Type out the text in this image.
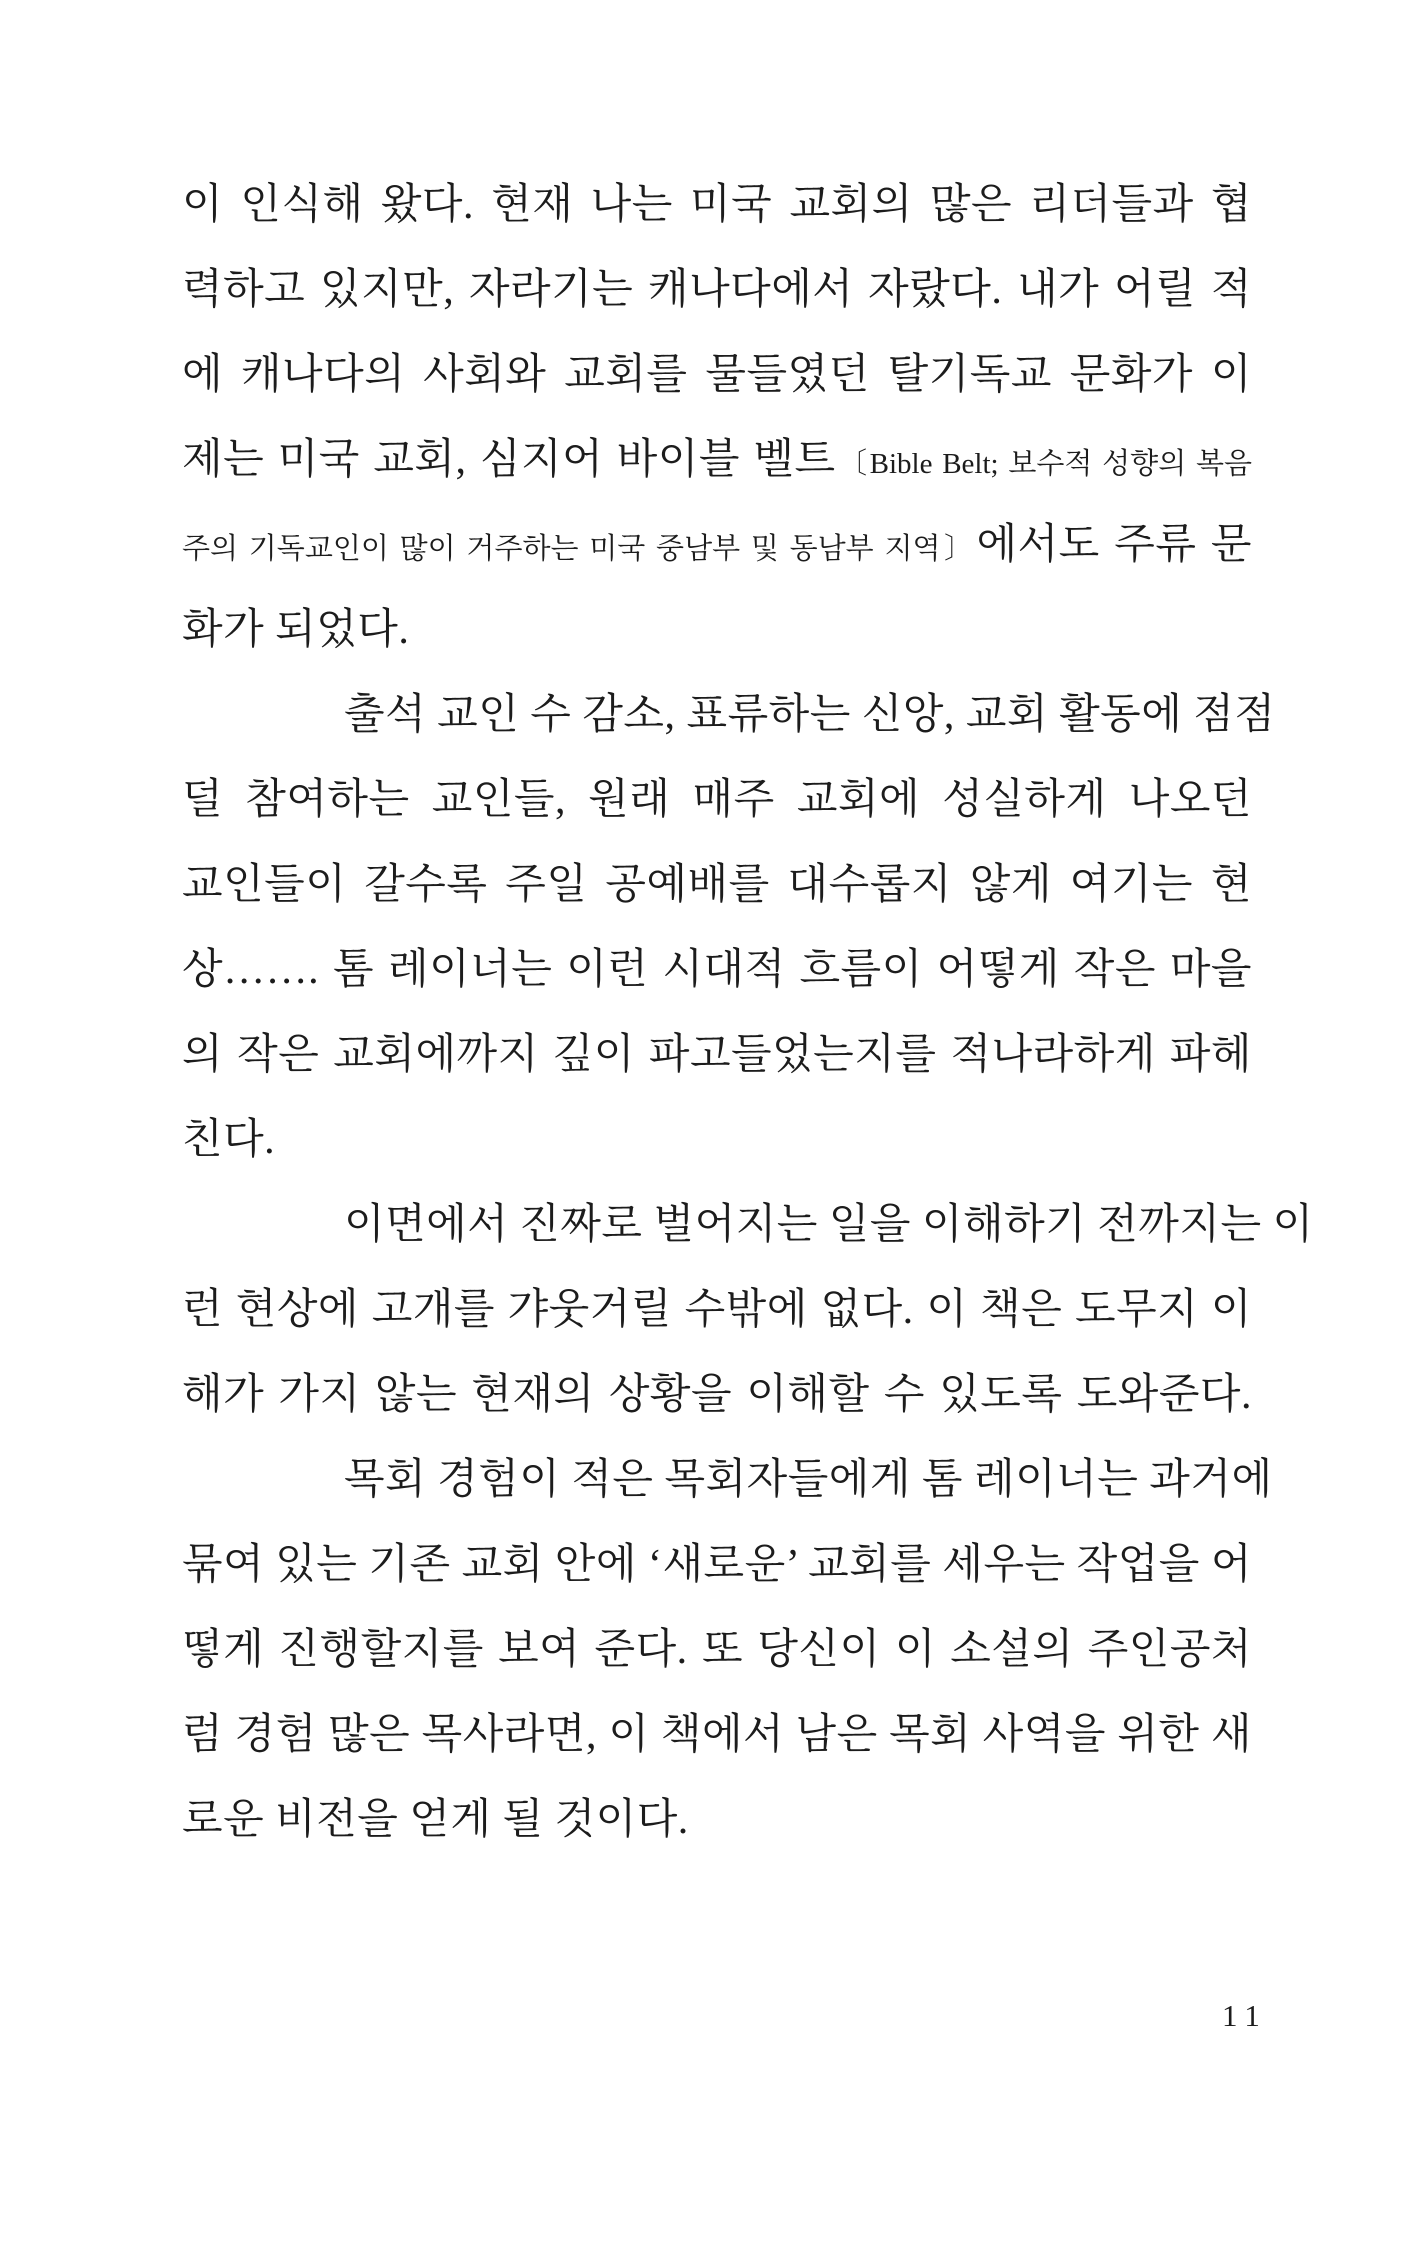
이 인식해 왔다. 현재 나는 미국 교회의 많은 리더들과 협
력하고 있지만, 자라기는 캐나다에서 자랐다. 내가 어릴 적
에 캐나다의 사회와 교회를 물들였던 탈기독교 문화가 이
제는 미국 교회, 심지어 바이블 벨트〔Bible Belt; 보수적 성향의 복음
주의 기독교인이 많이 거주하는 미국 중남부 및 동남부 지역〕에서도 주류 문
화가 되었다.
출석 교인 수 감소, 표류하는 신앙, 교회 활동에 점점
덜 참여하는 교인들, 원래 매주 교회에 성실하게 나오던
교인들이 갈수록 주일 공예배를 대수롭지 않게 여기는 현
상……. 톰 레이너는 이런 시대적 흐름이 어떻게 작은 마을
의 작은 교회에까지 깊이 파고들었는지를 적나라하게 파헤
친다.
이면에서 진짜로 벌어지는 일을 이해하기 전까지는 이
런 현상에 고개를 갸웃거릴 수밖에 없다. 이 책은 도무지 이
해가 가지 않는 현재의 상황을 이해할 수 있도록 도와준다.
목회 경험이 적은 목회자들에게 톰 레이너는 과거에
묶여 있는 기존 교회 안에 ‘새로운’ 교회를 세우는 작업을 어
떻게 진행할지를 보여 준다. 또 당신이 이 소설의 주인공처
럼 경험 많은 목사라면, 이 책에서 남은 목회 사역을 위한 새
로운 비전을 얻게 될 것이다.
11
